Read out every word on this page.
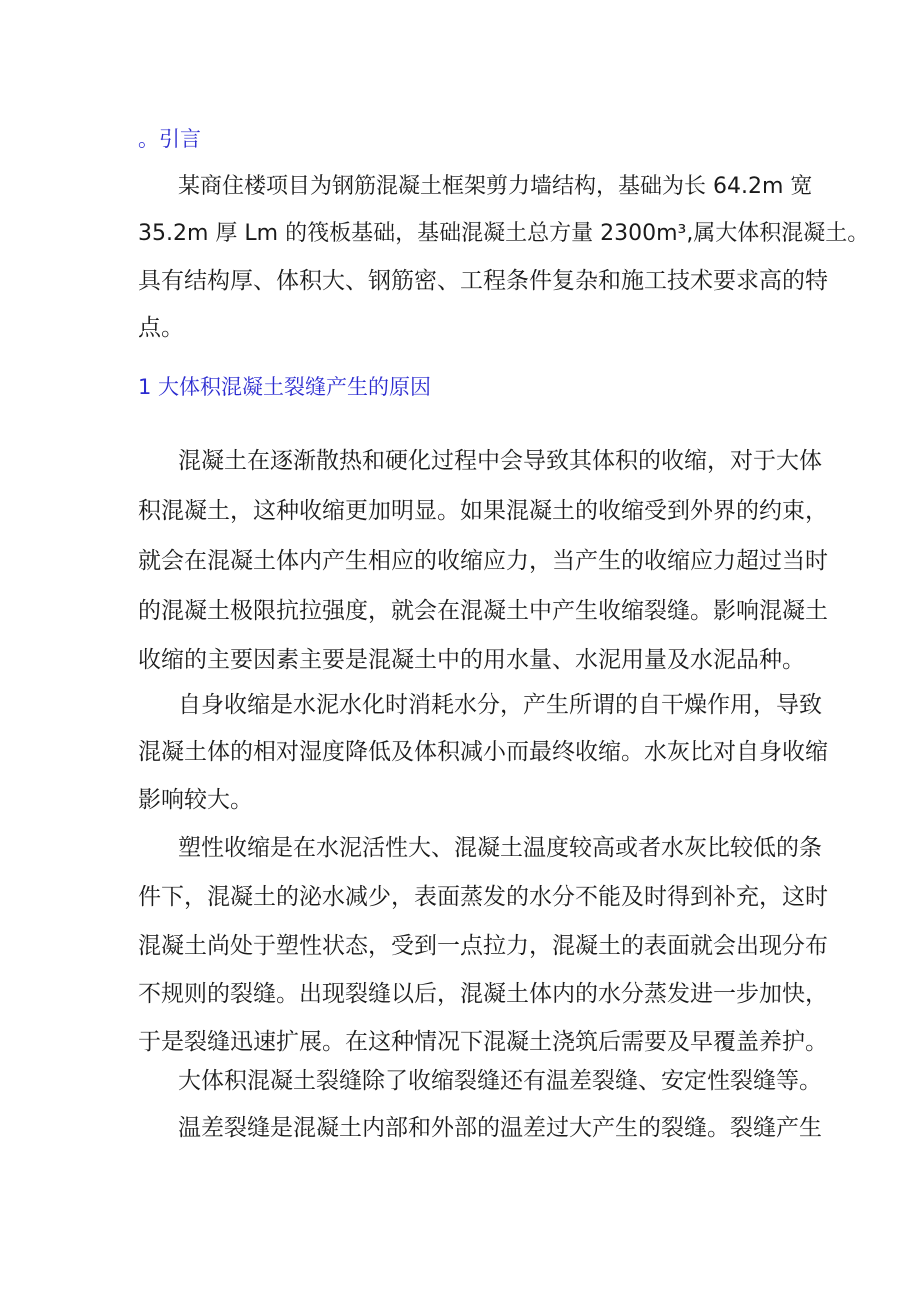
。引言
某商住楼项目为钢筋混凝土框架剪力墙结构，基础为长 64.2m 宽
35.2m 厚 Lm 的筏板基础，基础混凝土总方量 2300m³,属大体积混凝土。
具有结构厚、体积大、钢筋密、工程条件复杂和施工技术要求高的特
点。
1 大体积混凝土裂缝产生的原因
混凝土在逐渐散热和硬化过程中会导致其体积的收缩，对于大体
积混凝土，这种收缩更加明显。如果混凝土的收缩受到外界的约束，
就会在混凝土体内产生相应的收缩应力，当产生的收缩应力超过当时
的混凝土极限抗拉强度，就会在混凝土中产生收缩裂缝。影响混凝土
收缩的主要因素主要是混凝土中的用水量、水泥用量及水泥品种。
自身收缩是水泥水化时消耗水分，产生所谓的自干燥作用，导致
混凝土体的相对湿度降低及体积减小而最终收缩。水灰比对自身收缩
影响较大。
塑性收缩是在水泥活性大、混凝土温度较高或者水灰比较低的条
件下，混凝土的泌水减少，表面蒸发的水分不能及时得到补充，这时
混凝土尚处于塑性状态，受到一点拉力，混凝土的表面就会出现分布
不规则的裂缝。出现裂缝以后，混凝土体内的水分蒸发进一步加快，
于是裂缝迅速扩展。在这种情况下混凝土浇筑后需要及早覆盖养护。
大体积混凝土裂缝除了收缩裂缝还有温差裂缝、安定性裂缝等。
温差裂缝是混凝土内部和外部的温差过大产生的裂缝。裂缝产生
